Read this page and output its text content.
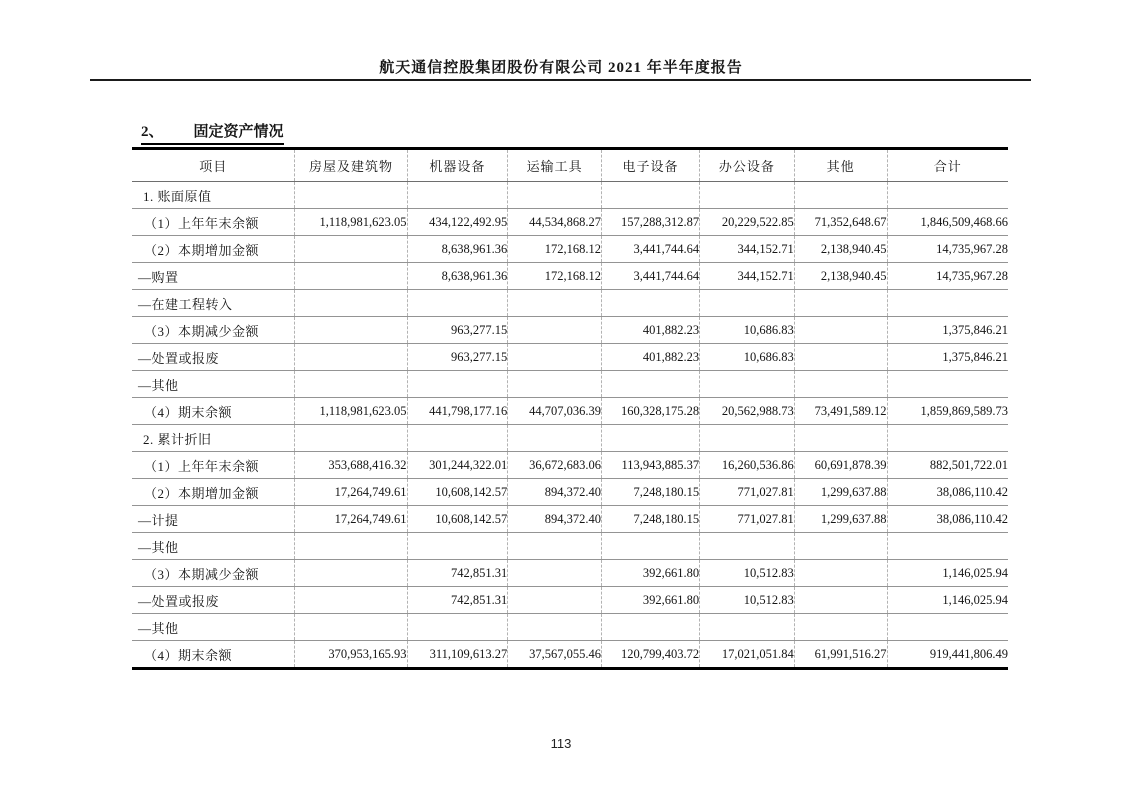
航天通信控股集团股份有限公司 2021 年半年度报告
2、 固定资产情况
项目	房屋及建筑物	机器设备	运输工具	电子设备	办公设备	其他	合计
1. 账面原值							
（1）上年年末余额	1,118,981,623.05	434,122,492.95	44,534,868.27	157,288,312.87	20,229,522.85	71,352,648.67	1,846,509,468.66
（2）本期增加金额		8,638,961.36	172,168.12	3,441,744.64	344,152.71	2,138,940.45	14,735,967.28
—购置		8,638,961.36	172,168.12	3,441,744.64	344,152.71	2,138,940.45	14,735,967.28
—在建工程转入							
（3）本期减少金额		963,277.15		401,882.23	10,686.83		1,375,846.21
—处置或报废		963,277.15		401,882.23	10,686.83		1,375,846.21
—其他							
（4）期末余额	1,118,981,623.05	441,798,177.16	44,707,036.39	160,328,175.28	20,562,988.73	73,491,589.12	1,859,869,589.73
2. 累计折旧							
（1）上年年末余额	353,688,416.32	301,244,322.01	36,672,683.06	113,943,885.37	16,260,536.86	60,691,878.39	882,501,722.01
（2）本期增加金额	17,264,749.61	10,608,142.57	894,372.40	7,248,180.15	771,027.81	1,299,637.88	38,086,110.42
—计提	17,264,749.61	10,608,142.57	894,372.40	7,248,180.15	771,027.81	1,299,637.88	38,086,110.42
—其他							
（3）本期减少金额		742,851.31		392,661.80	10,512.83		1,146,025.94
—处置或报废		742,851.31		392,661.80	10,512.83		1,146,025.94
—其他							
（4）期末余额	370,953,165.93	311,109,613.27	37,567,055.46	120,799,403.72	17,021,051.84	61,991,516.27	919,441,806.49
113
